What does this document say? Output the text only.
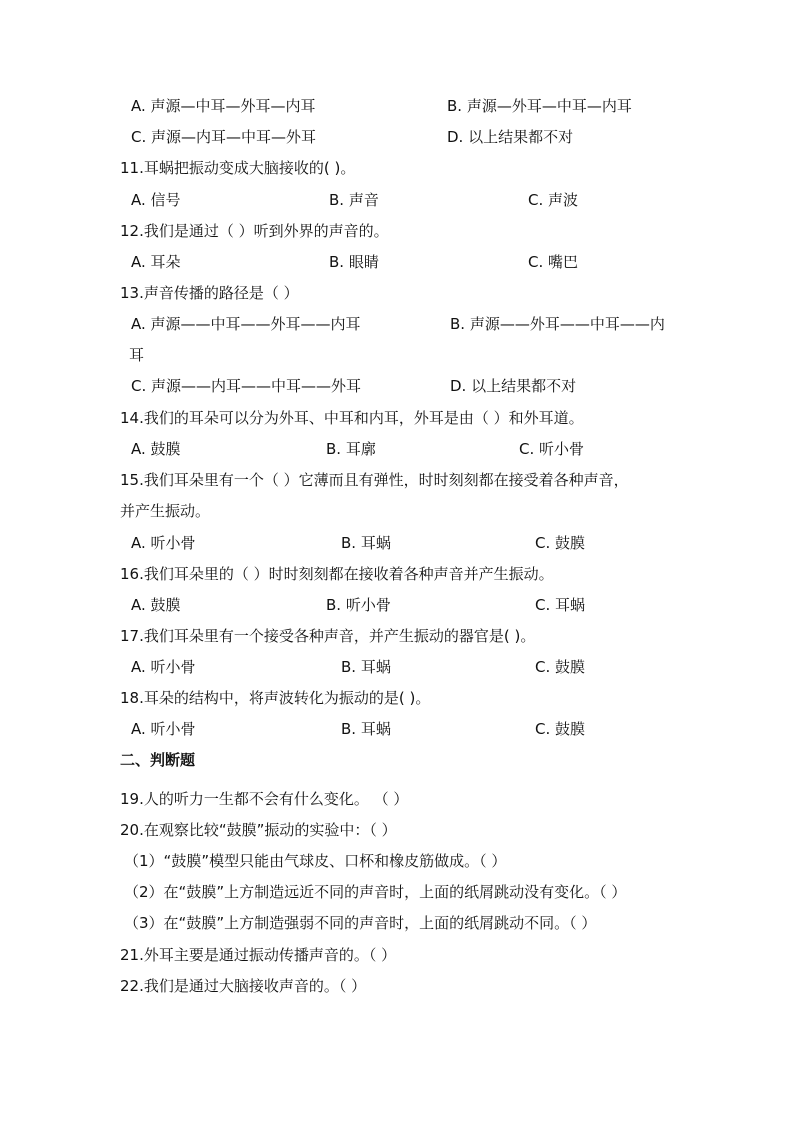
A. 声源—中耳—外耳—内耳	B. 声源—外耳—中耳—内耳
C. 声源—内耳—中耳—外耳	D. 以上结果都不对
11.耳蜗把振动变成大脑接收的( )。
A. 信号	B. 声音	C. 声波
12.我们是通过（ ）听到外界的声音的。
A. 耳朵	B. 眼睛	C. 嘴巴
13.声音传播的路径是（ ）
A. 声源——中耳——外耳——内耳	B. 声源——外耳——中耳——内
耳
C. 声源——内耳——中耳——外耳	D. 以上结果都不对
14.我们的耳朵可以分为外耳、中耳和内耳，外耳是由（ ）和外耳道。
A. 鼓膜	B. 耳廓	C. 听小骨
15.我们耳朵里有一个（ ）它薄而且有弹性，时时刻刻都在接受着各种声音，
并产生振动。
A. 听小骨	B. 耳蜗	C. 鼓膜
16.我们耳朵里的（ ）时时刻刻都在接收着各种声音并产生振动。
A. 鼓膜	B. 听小骨	C. 耳蜗
17.我们耳朵里有一个接受各种声音，并产生振动的器官是( )。
A. 听小骨	B. 耳蜗	C. 鼓膜
18.耳朵的结构中，将声波转化为振动的是( )。
A. 听小骨	B. 耳蜗	C. 鼓膜
二、判断题
19.人的听力一生都不会有什么变化。 （ ）
20.在观察比较“鼓膜”振动的实验中：（ ）
（1）“鼓膜”模型只能由气球皮、口杯和橡皮筋做成。（ ）
（2）在“鼓膜”上方制造远近不同的声音时，上面的纸屑跳动没有变化。（ ）
（3）在“鼓膜”上方制造强弱不同的声音时，上面的纸屑跳动不同。（ ）
21.外耳主要是通过振动传播声音的。（ ）
22.我们是通过大脑接收声音的。（ ）
